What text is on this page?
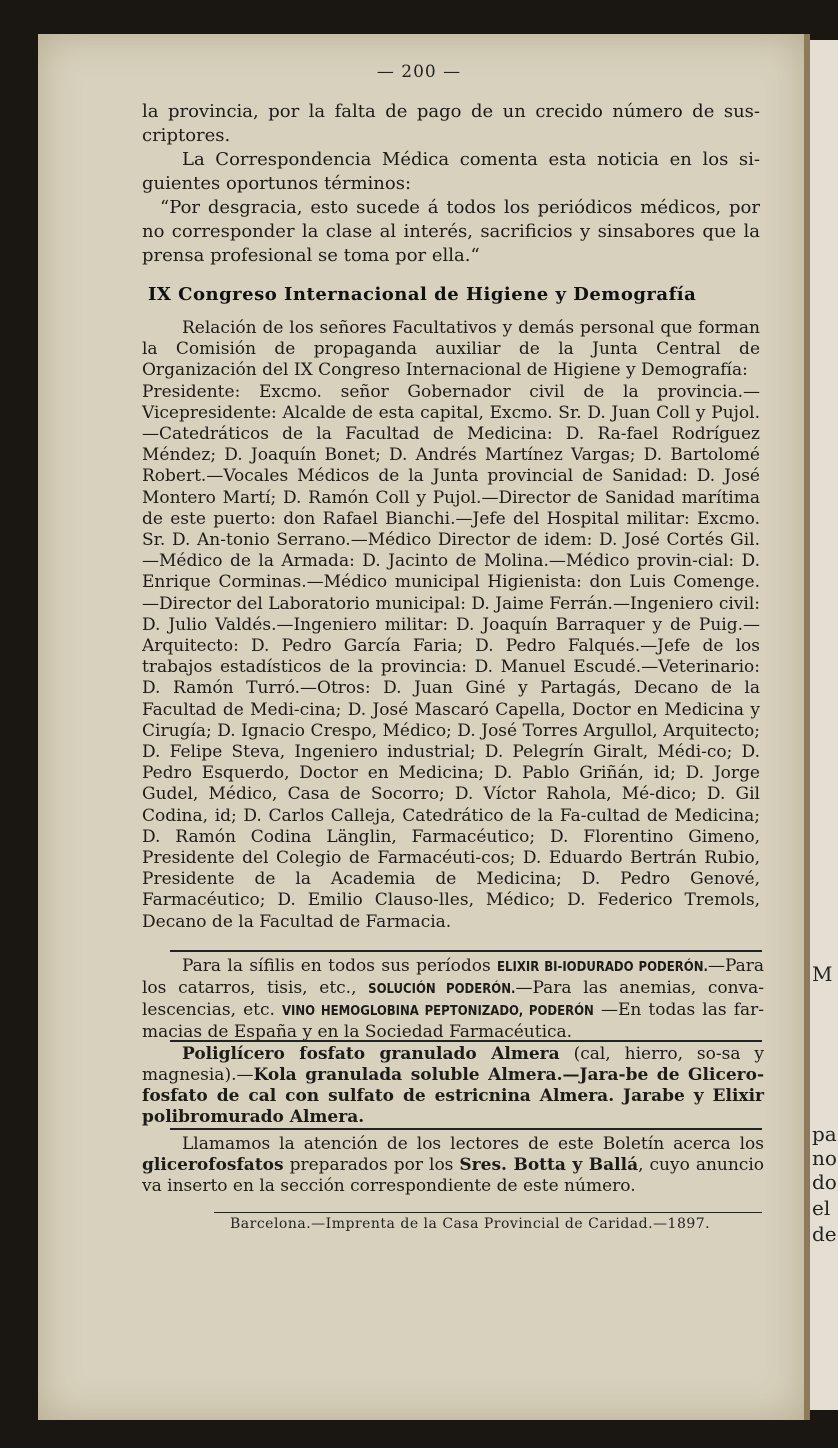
M
pa
no
do
el
de
— 200 —

la provincia, por la falta de pago de un crecido número de sus-criptores.

La Correspondencia Médica comenta esta noticia en los si-guientes oportunos términos:

“Por desgracia, esto sucede á todos los periódicos médicos, por no corresponder la clase al interés, sacrificios y sinsabores que la prensa profesional se toma por ella.“

IX Congreso Internacional de Higiene y Demografía

Relación de los señores Facultativos y demás personal que forman la Comisión de propaganda auxiliar de la Junta Central de Organización del IX Congreso Internacional de Higiene y Demografía:

Presidente: Excmo. señor Gobernador civil de la provincia.—Vicepresidente: Alcalde de esta capital, Excmo. Sr. D. Juan Coll y Pujol.—Catedráticos de la Facultad de Medicina: D. Ra-fael Rodríguez Méndez; D. Joaquín Bonet; D. Andrés Martínez Vargas; D. Bartolomé Robert.—Vocales Médicos de la Junta provincial de Sanidad: D. José Montero Martí; D. Ramón Coll y Pujol.—Director de Sanidad marítima de este puerto: don Rafael Bianchi.—Jefe del Hospital militar: Excmo. Sr. D. An-tonio Serrano.—Médico Director de idem: D. José Cortés Gil.—Médico de la Armada: D. Jacinto de Molina.—Médico provin-cial: D. Enrique Corminas.—Médico municipal Higienista: don Luis Comenge.—Director del Laboratorio municipal: D. Jaime Ferrán.—Ingeniero civil: D. Julio Valdés.—Ingeniero militar: D. Joaquín Barraquer y de Puig.—Arquitecto: D. Pedro García Faria; D. Pedro Falqués.—Jefe de los trabajos estadísticos de la provincia: D. Manuel Escudé.—Veterinario: D. Ramón Turró.—Otros: D. Juan Giné y Partagás, Decano de la Facultad de Medi-cina; D. José Mascaró Capella, Doctor en Medicina y Cirugía; D. Ignacio Crespo, Médico; D. José Torres Argullol, Arquitecto; D. Felipe Steva, Ingeniero industrial; D. Pelegrín Giralt, Médi-co; D. Pedro Esquerdo, Doctor en Medicina; D. Pablo Griñán, id; D. Jorge Gudel, Médico, Casa de Socorro; D. Víctor Rahola, Mé-dico; D. Gil Codina, id; D. Carlos Calleja, Catedrático de la Fa-cultad de Medicina; D. Ramón Codina Länglin, Farmacéutico; D. Florentino Gimeno, Presidente del Colegio de Farmacéuti-cos; D. Eduardo Bertrán Rubio, Presidente de la Academia de Medicina; D. Pedro Genové, Farmacéutico; D. Emilio Clauso-lles, Médico; D. Federico Tremols, Decano de la Facultad de Farmacia.

Para la sífilis en todos sus períodos ELIXIR BI-IODURADO PODERÓN.—Para los catarros, tisis, etc., SOLUCIÓN PODERÓN.—Para las anemias, conva-lescencias, etc. VINO HEMOGLOBINA PEPTONIZADO, PODERÓN —En todas las far-macias de España y en la Sociedad Farmacéutica.

Poliglícero fosfato granulado Almera (cal, hierro, so-sa y magnesia).—Kola granulada soluble Almera.—Jara-be de Glicero-fosfato de cal con sulfato de estricnina Almera. Jarabe y Elixir polibromurado Almera.

Llamamos la atención de los lectores de este Boletín acerca los glicerofosfatos preparados por los Sres. Botta y Ballá, cuyo anuncio va inserto en la sección correspondiente de este número.

Barcelona.—Imprenta de la Casa Provincial de Caridad.—1897.
